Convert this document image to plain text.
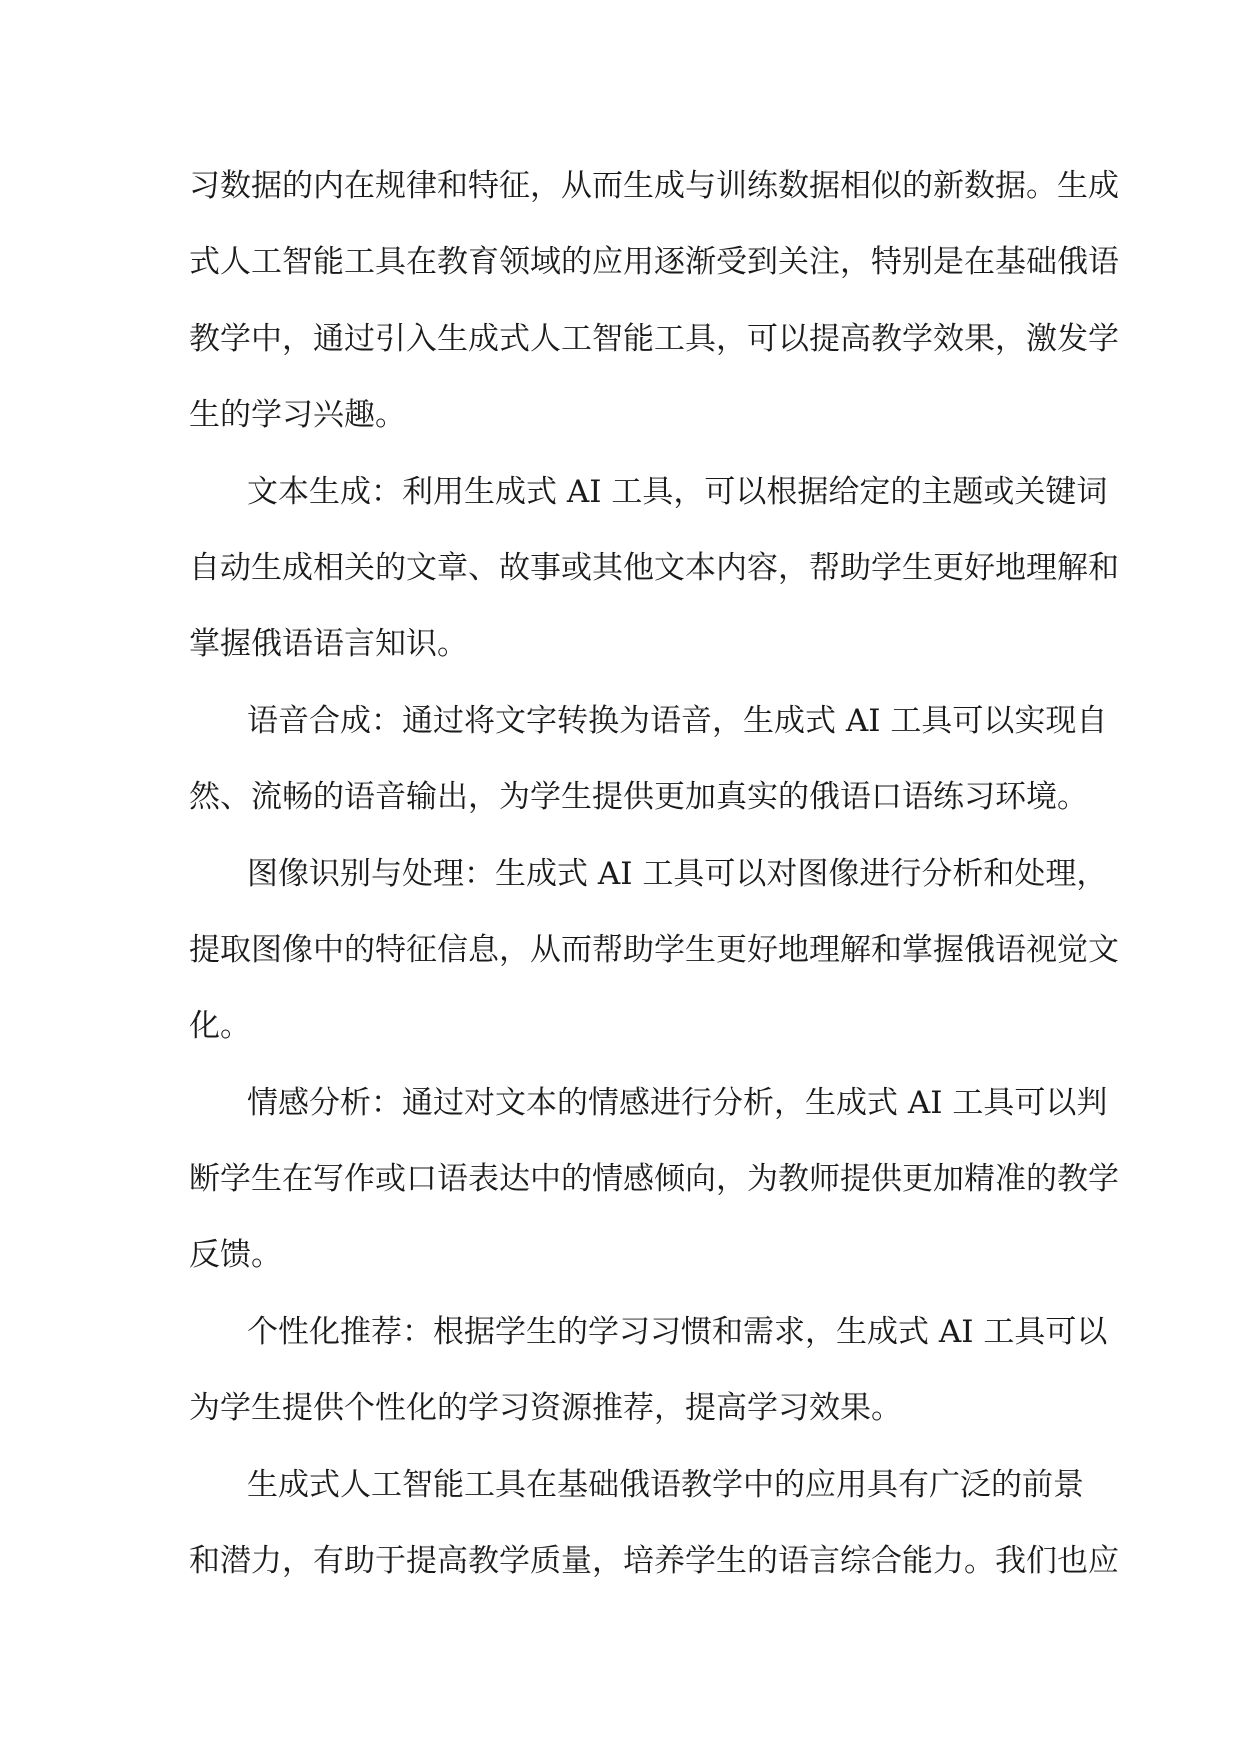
习数据的内在规律和特征，从而生成与训练数据相似的新数据。生成
式人工智能工具在教育领域的应用逐渐受到关注，特别是在基础俄语
教学中，通过引入生成式人工智能工具，可以提高教学效果，激发学
生的学习兴趣。
文本生成：利用生成式 AI 工具，可以根据给定的主题或关键词
自动生成相关的文章、故事或其他文本内容，帮助学生更好地理解和
掌握俄语语言知识。
语音合成：通过将文字转换为语音，生成式 AI 工具可以实现自
然、流畅的语音输出，为学生提供更加真实的俄语口语练习环境。
图像识别与处理：生成式 AI 工具可以对图像进行分析和处理，
提取图像中的特征信息，从而帮助学生更好地理解和掌握俄语视觉文
化。
情感分析：通过对文本的情感进行分析，生成式 AI 工具可以判
断学生在写作或口语表达中的情感倾向，为教师提供更加精准的教学
反馈。
个性化推荐：根据学生的学习习惯和需求，生成式 AI 工具可以
为学生提供个性化的学习资源推荐，提高学习效果。
生成式人工智能工具在基础俄语教学中的应用具有广泛的前景
和潜力，有助于提高教学质量，培养学生的语言综合能力。我们也应
